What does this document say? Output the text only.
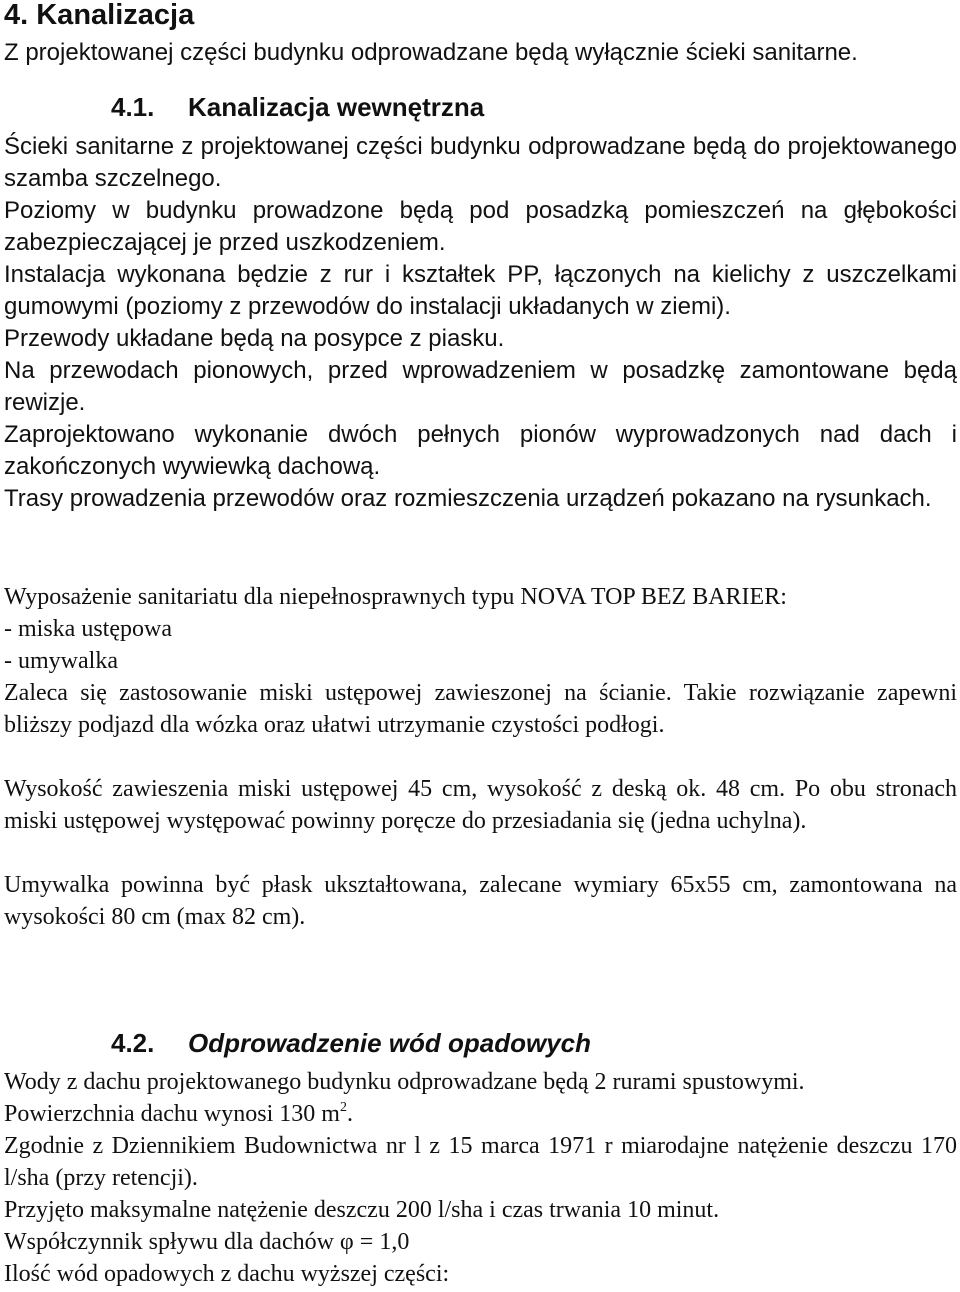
4. Kanalizacja

Z projektowanej części budynku odprowadzane będą wyłącznie ścieki sanitarne.

4.1. Kanalizacja wewnętrzna

Ścieki sanitarne z projektowanej części budynku odprowadzane będą do projektowanego szamba szczelnego.

Poziomy w budynku prowadzone będą pod posadzką pomieszczeń na głębokości zabezpieczającej je przed uszkodzeniem.

Instalacja wykonana będzie z rur i kształtek PP, łączonych na kielichy z uszczelkami gumowymi (poziomy z przewodów do instalacji układanych w ziemi).

Przewody układane będą na posypce z piasku.

Na przewodach pionowych, przed wprowadzeniem w posadzkę zamontowane będą rewizje.

Zaprojektowano wykonanie dwóch pełnych pionów wyprowadzonych nad dach i zakończonych wywiewką dachową.

Trasy prowadzenia przewodów oraz rozmieszczenia urządzeń pokazano na rysunkach.

Wyposażenie sanitariatu dla niepełnosprawnych typu NOVA TOP BEZ BARIER:

- miska ustępowa

- umywalka

Zaleca się zastosowanie miski ustępowej zawieszonej na ścianie. Takie rozwiązanie zapewni bliższy podjazd dla wózka oraz ułatwi utrzymanie czystości podłogi.

Wysokość zawieszenia miski ustępowej 45 cm, wysokość z deską ok. 48 cm. Po obu stronach miski ustępowej występować powinny poręcze do przesiadania się (jedna uchylna).

Umywalka powinna być płask ukształtowana, zalecane wymiary 65x55 cm, zamontowana na wysokości 80 cm (max 82 cm).

4.2. Odprowadzenie wód opadowych

Wody z dachu projektowanego budynku odprowadzane będą 2 rurami spustowymi.

Powierzchnia dachu wynosi 130 $m^2$.

Zgodnie z Dziennikiem Budownictwa nr l z 15 marca 1971 r miarodajne natężenie deszczu 170 l/sha (przy retencji).

Przyjęto maksymalne natężenie deszczu 200 l/sha i czas trwania 10 minut.

Współczynnik spływu dla dachów φ = 1,0

Ilość wód opadowych z dachu wyższej części:
